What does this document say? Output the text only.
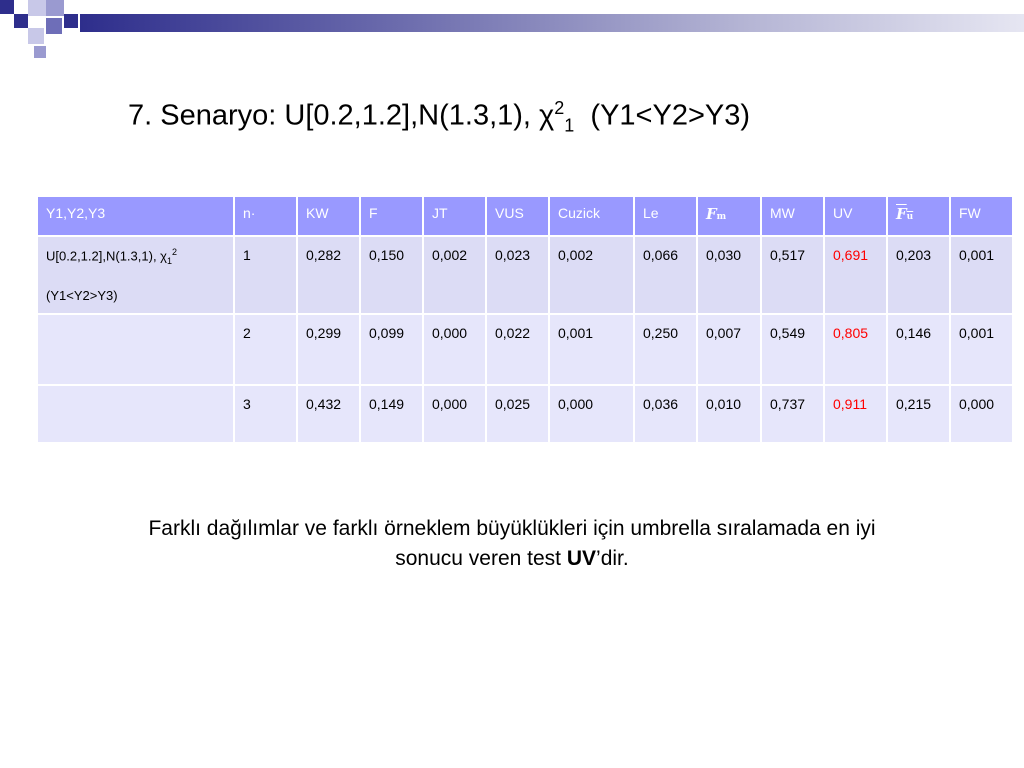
7. Senaryo: U[0.2,1.2],N(1.3,1), $\chi^2_1$ (Y1<Y2>Y3)
Y1,Y2,Y3	n·	KW	F	JT	VUS	Cuzick	Le	Fm	MW	UV	Fu	FW
U[0.2,1.2],N(1.3,1), $\chi_1^2$
(Y1<Y2>Y3)	1	0,282	0,150	0,002	0,023	0,002	0,066	0,030	0,517	0,691	0,203	0,001
	2	0,299	0,099	0,000	0,022	0,001	0,250	0,007	0,549	0,805	0,146	0,001
	3	0,432	0,149	0,000	0,025	0,000	0,036	0,010	0,737	0,911	0,215	0,000
Farklı dağılımlar ve farklı örneklem büyüklükleri için umbrella sıralamada en iyi
sonucu veren test UV’dir.
